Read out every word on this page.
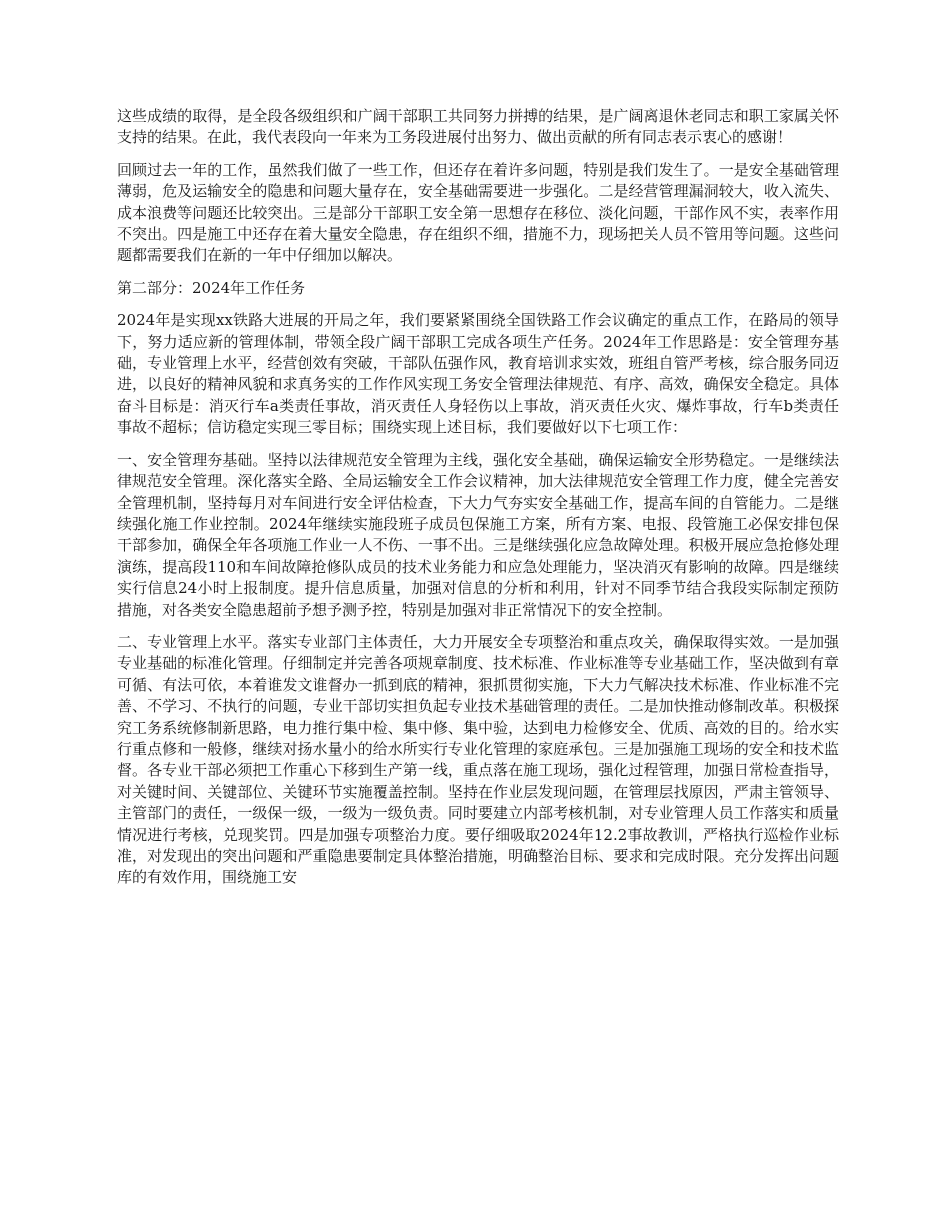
这些成绩的取得，是全段各级组织和广阔干部职工共同努力拼搏的结果，是广阔离退休老同志和职工家属关怀支持的结果。在此，我代表段向一年来为工务段进展付出努力、做出贡献的所有同志表示衷心的感谢！

回顾过去一年的工作，虽然我们做了一些工作，但还存在着许多问题，特别是我们发生了。一是安全基础管理薄弱，危及运输安全的隐患和问题大量存在，安全基础需要进一步强化。二是经营管理漏洞较大，收入流失、成本浪费等问题还比较突出。三是部分干部职工安全第一思想存在移位、淡化问题，干部作风不实，表率作用不突出。四是施工中还存在着大量安全隐患，存在组织不细，措施不力，现场把关人员不管用等问题。这些问题都需要我们在新的一年中仔细加以解决。

第二部分：2024年工作任务

2024年是实现xx铁路大进展的开局之年，我们要紧紧围绕全国铁路工作会议确定的重点工作，在路局的领导下，努力适应新的管理体制，带领全段广阔干部职工完成各项生产任务。2024年工作思路是：安全管理夯基础，专业管理上水平，经营创效有突破，干部队伍强作风，教育培训求实效，班组自管严考核，综合服务同迈进，以良好的精神风貌和求真务实的工作作风实现工务安全管理法律规范、有序、高效，确保安全稳定。具体奋斗目标是：消灭行车a类责任事故，消灭责任人身轻伤以上事故，消灭责任火灾、爆炸事故，行车b类责任事故不超标；信访稳定实现三零目标；围绕实现上述目标，我们要做好以下七项工作：

一、安全管理夯基础。坚持以法律规范安全管理为主线，强化安全基础，确保运输安全形势稳定。一是继续法律规范安全管理。深化落实全路、全局运输安全工作会议精神，加大法律规范安全管理工作力度，健全完善安全管理机制，坚持每月对车间进行安全评估检查，下大力气夯实安全基础工作，提高车间的自管能力。二是继续强化施工作业控制。2024年继续实施段班子成员包保施工方案，所有方案、电报、段管施工必保安排包保干部参加，确保全年各项施工作业一人不伤、一事不出。三是继续强化应急故障处理。积极开展应急抢修处理演练，提高段110和车间故障抢修队成员的技术业务能力和应急处理能力，坚决消灭有影响的故障。四是继续实行信息24小时上报制度。提升信息质量，加强对信息的分析和利用，针对不同季节结合我段实际制定预防措施，对各类安全隐患超前予想予测予控，特别是加强对非正常情况下的安全控制。

二、专业管理上水平。落实专业部门主体责任，大力开展安全专项整治和重点攻关，确保取得实效。一是加强专业基础的标准化管理。仔细制定并完善各项规章制度、技术标准、作业标准等专业基础工作，坚决做到有章可循、有法可依，本着谁发文谁督办一抓到底的精神，狠抓贯彻实施，下大力气解决技术标准、作业标准不完善、不学习、不执行的问题，专业干部切实担负起专业技术基础管理的责任。二是加快推动修制改革。积极探究工务系统修制新思路，电力推行集中检、集中修、集中验，达到电力检修安全、优质、高效的目的。给水实行重点修和一般修，继续对扬水量小的给水所实行专业化管理的家庭承包。三是加强施工现场的安全和技术监督。各专业干部必须把工作重心下移到生产第一线，重点落在施工现场，强化过程管理，加强日常检查指导，对关键时间、关键部位、关键环节实施覆盖控制。坚持在作业层发现问题，在管理层找原因，严肃主管领导、主管部门的责任，一级保一级，一级为一级负责。同时要建立内部考核机制，对专业管理人员工作落实和质量情况进行考核，兑现奖罚。四是加强专项整治力度。要仔细吸取2024年12.2事故教训，严格执行巡检作业标准，对发现出的突出问题和严重隐患要制定具体整治措施，明确整治目标、要求和完成时限。充分发挥出问题库的有效作用，围绕施工安
